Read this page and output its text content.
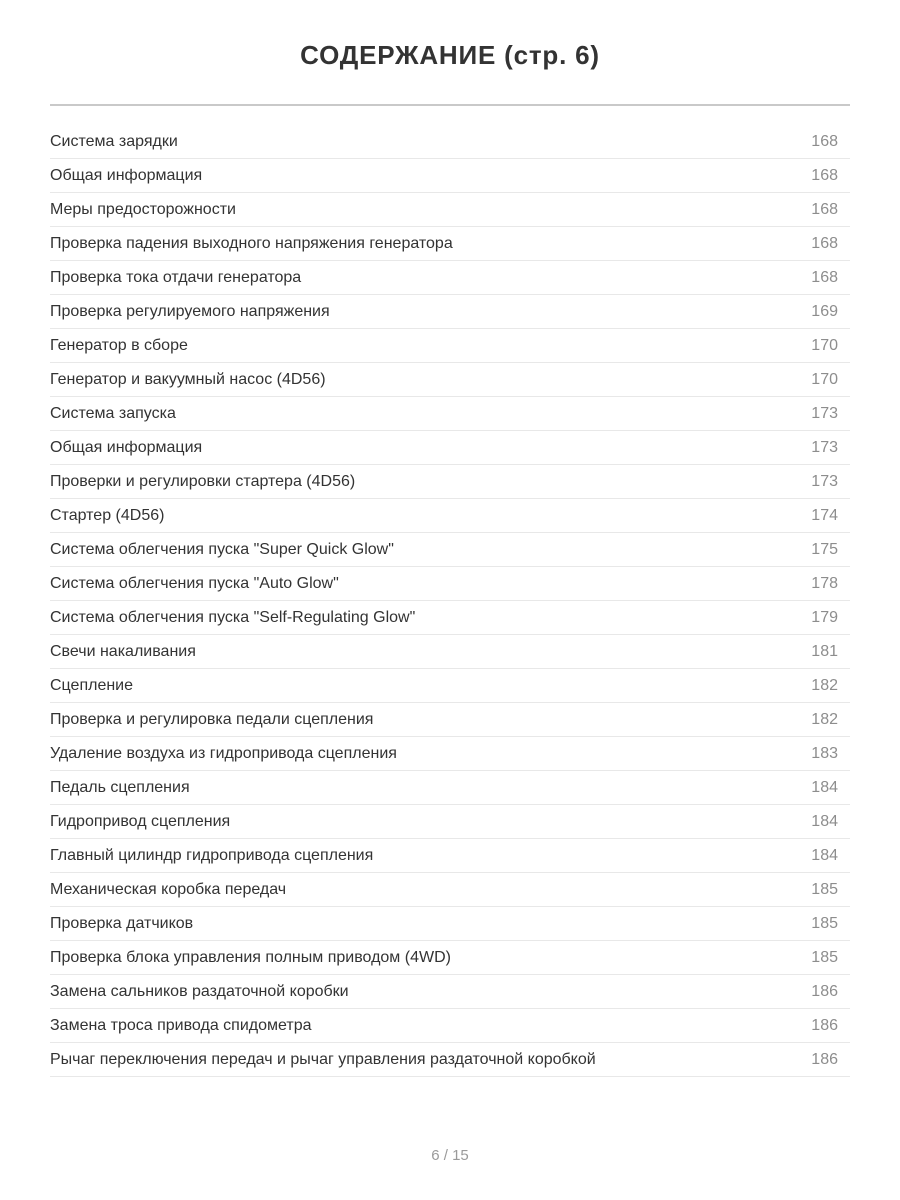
СОДЕРЖАНИЕ (стр. 6)
Система зарядки	168
Общая информация	168
Меры предосторожности	168
Проверка падения выходного напряжения генератора	168
Проверка тока отдачи генератора	168
Проверка регулируемого напряжения	169
Генератор в сборе	170
Генератор и вакуумный насос (4D56)	170
Система запуска	173
Общая информация	173
Проверки и регулировки стартера (4D56)	173
Стартер (4D56)	174
Система облегчения пуска "Super Quick Glow"	175
Система облегчения пуска "Auto Glow"	178
Система облегчения пуска "Self-Regulating Glow"	179
Свечи накаливания	181
Сцепление	182
Проверка и регулировка педали сцепления	182
Удаление воздуха из гидропривода сцепления	183
Педаль сцепления	184
Гидропривод сцепления	184
Главный цилиндр гидропривода сцепления	184
Механическая коробка передач	185
Проверка датчиков	185
Проверка блока управления полным приводом (4WD)	185
Замена сальников раздаточной коробки	186
Замена троса привода спидометра	186
Рычаг переключения передач и рычаг управления раздаточной коробкой	186
6 / 15
